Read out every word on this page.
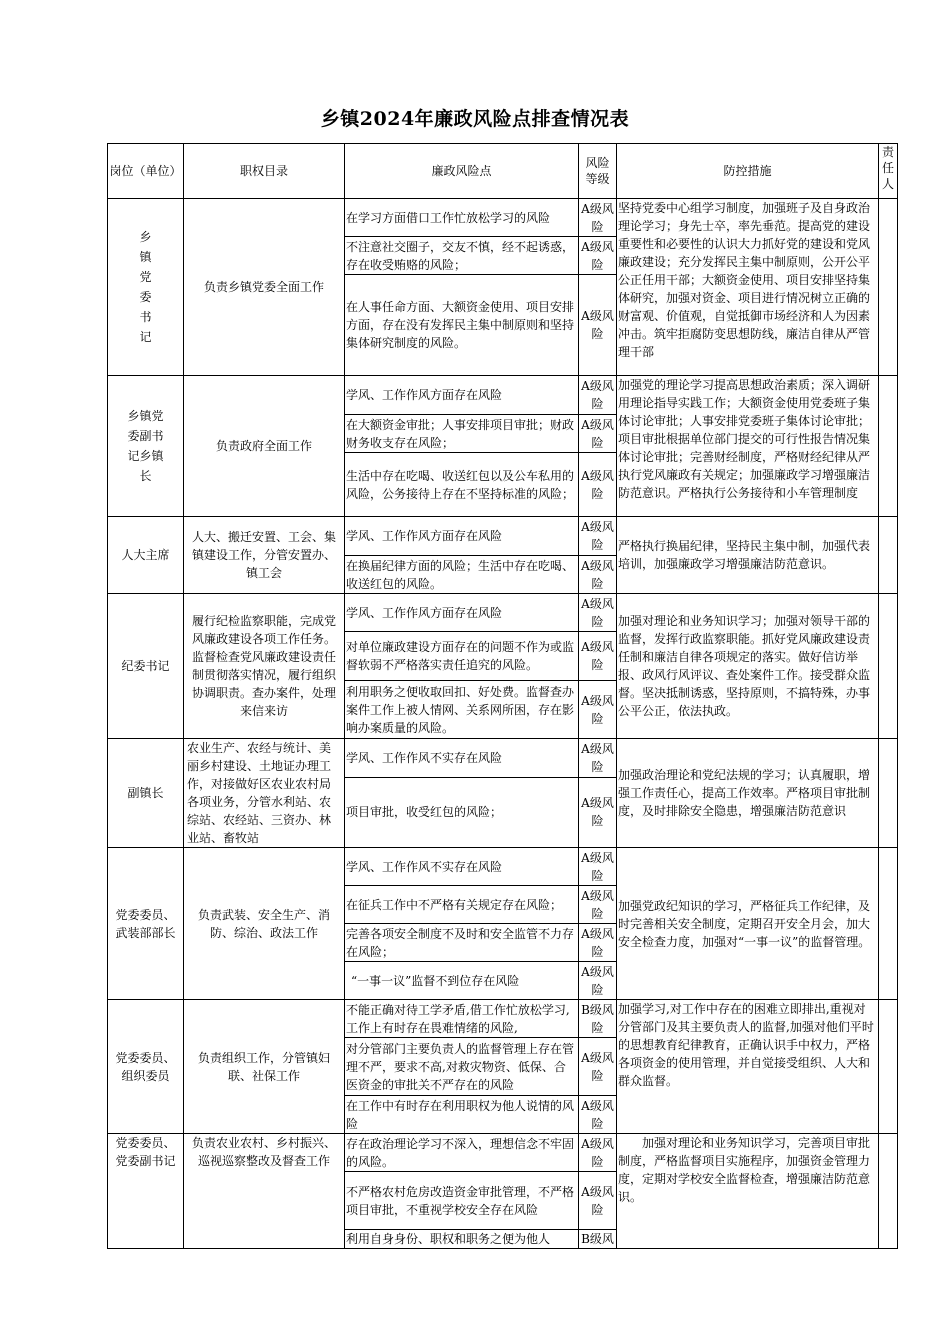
乡镇2024年廉政风险点排查情况表
岗位（单位）	职权目录	廉政风险点	风险等级	防控措施	责任人
乡镇党委书记	负责乡镇党委全面工作	在学习方面借口工作忙放松学习的风险	A级风险	坚持党委中心组学习制度，加强班子及自身政治理论学习；身先士卒，率先垂范。提高党的建设重要性和必要性的认识大力抓好党的建设和党风廉政建设；充分发挥民主集中制原则，公开公平公正任用干部；大额资金使用、项目安排坚持集体研究，加强对资金、项目进行情况树立正确的财富观、价值观，自觉抵御市场经济和人为因素冲击。筑牢拒腐防变思想防线，廉洁自律从严管理干部	
		不注意社交圈子，交友不慎，经不起诱惑，存在收受贿赂的风险；	A级风险		
		在人事任命方面、大额资金使用、项目安排方面，存在没有发挥民主集中制原则和坚持集体研究制度的风险。	A级风险		
乡镇党委副书 记乡镇长	负责政府全面工作	学风、工作作风方面存在风险	A级风险	加强党的理论学习提高思想政治素质；深入调研用理论指导实践工作；大额资金使用党委班子集体讨论审批；人事安排党委班子集体讨论审批；项目审批根据单位部门提交的可行性报告情况集体讨论审批；完善财经制度，严格财经纪律从严执行党风廉政有关规定；加强廉政学习增强廉洁防范意识。严格执行公务接待和小车管理制度	
		在大额资金审批；人事安排项目审批；财政财务收支存在风险；	A级风险		
		生活中存在吃喝、收送红包以及公车私用的风险，公务接待上存在不坚持标准的风险；	A级风险		
人大主席	人大、搬迁安置、工会、集镇建设工作，分管安置办、镇工会	学风、工作作风方面存在风险	A级风险	严格执行换届纪律，坚持民主集中制，加强代表培训，加强廉政学习增强廉洁防范意识。	
		在换届纪律方面的风险；生活中存在吃喝、收送红包的风险。	A级风险		
纪委书记	履行纪检监察职能，完成党风廉政建设各项工作任务。监督检查党风廉政建设责任制贯彻落实情况，履行组织协调职责。查办案件，处理来信来访	学风、工作作风方面存在风险	A级风险	加强对理论和业务知识学习；加强对领导干部的监督，发挥行政监察职能。抓好党风廉政建设责任制和廉洁自律各项规定的落实。做好信访举报、政风行风评议、查处案件工作。接受群众监督。坚决抵制诱惑，坚持原则，不搞特殊，办事公平公正，依法执政。	
		对单位廉政建设方面存在的问题不作为或监督软弱不严格落实责任追究的风险。	A级风险		
		利用职务之便收取回扣、好处费。监督查办案件工作上被人情网、关系网所困，存在影响办案质量的风险。	A级风险		
副镇长	农业生产、农经与统计、美丽乡村建设、土地证办理工作，对接做好区农业农村局各项业务，分管水利站、农综站、农经站、三资办、林业站、畜牧站	学风、工作作风不实存在风险	A级风险	加强政治理论和党纪法规的学习；认真履职，增强工作责任心，提高工作效率。严格项目审批制度，及时排除安全隐患，增强廉洁防范意识	
		项目审批，收受红包的风险；	A级风险		
党委委员、武装部部长	负责武装、安全生产、消防、综治、政法工作	学风、工作作风不实存在风险	A级风险	加强党政纪知识的学习，严格征兵工作纪律，及时完善相关安全制度，定期召开安全月会，加大安全检查力度，加强对“一事一议”的监督管理。	
		在征兵工作中不严格有关规定存在风险；	A级风险		
		完善各项安全制度不及时和安全监管不力存在风险；	A级风险		
		“一事一议”监督不到位存在风险	A级风险		
党委委员、组织委员	负责组织工作，分管镇妇联、社保工作	不能正确对待工学矛盾,借工作忙放松学习,工作上有时存在畏难情绪的风险,	B级风险	加强学习,对工作中存在的困难立即排出,重视对分管部门及其主要负责人的监督,加强对他们平时的思想教育纪律教育，正确认识手中权力，严格各项资金的使用管理，并自觉接受组织、人大和群众监督。	
		对分管部门主要负责人的监督管理上存在管理不严，要求不高,对救灾物资、低保、合医资金的审批关不严存在的风险	A级风险		
		在工作中有时存在利用职权为他人说情的风险	A级风险		
党委委员、党委副书记	负责农业农村、乡村振兴、巡视巡察整改及督查工作	存在政治理论学习不深入，理想信念不牢固的风险。	A级风险	加强对理论和业务知识学习，完善项目审批制度，严格监督项目实施程序，加强资金管理力度，定期对学校安全监督检查，增强廉洁防范意识。	
		不严格农村危房改造资金审批管理，不严格项目审批，不重视学校安全存在风险	A级风险		
		利用自身身份、职权和职务之便为他人	B级风		
